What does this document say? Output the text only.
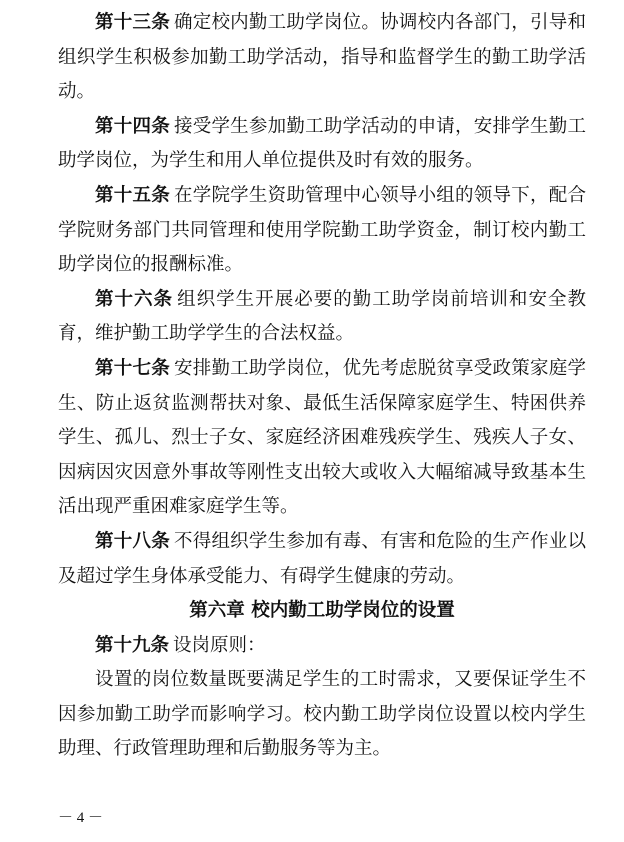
第十三条 确定校内勤工助学岗位。协调校内各部门，引导和组织学生积极参加勤工助学活动，指导和监督学生的勤工助学活动。

第十四条 接受学生参加勤工助学活动的申请，安排学生勤工助学岗位，为学生和用人单位提供及时有效的服务。

第十五条 在学院学生资助管理中心领导小组的领导下，配合学院财务部门共同管理和使用学院勤工助学资金，制订校内勤工助学岗位的报酬标准。

第十六条 组织学生开展必要的勤工助学岗前培训和安全教育，维护勤工助学学生的合法权益。

第十七条 安排勤工助学岗位，优先考虑脱贫享受政策家庭学生、防止返贫监测帮扶对象、最低生活保障家庭学生、特困供养学生、孤儿、烈士子女、家庭经济困难残疾学生、残疾人子女、因病因灾因意外事故等刚性支出较大或收入大幅缩减导致基本生活出现严重困难家庭学生等。

第十八条 不得组织学生参加有毒、有害和危险的生产作业以及超过学生身体承受能力、有碍学生健康的劳动。

第六章 校内勤工助学岗位的设置

第十九条 设岗原则：

设置的岗位数量既要满足学生的工时需求，又要保证学生不因参加勤工助学而影响学习。校内勤工助学岗位设置以校内学生助理、行政管理助理和后勤服务等为主。

－ 4 －
